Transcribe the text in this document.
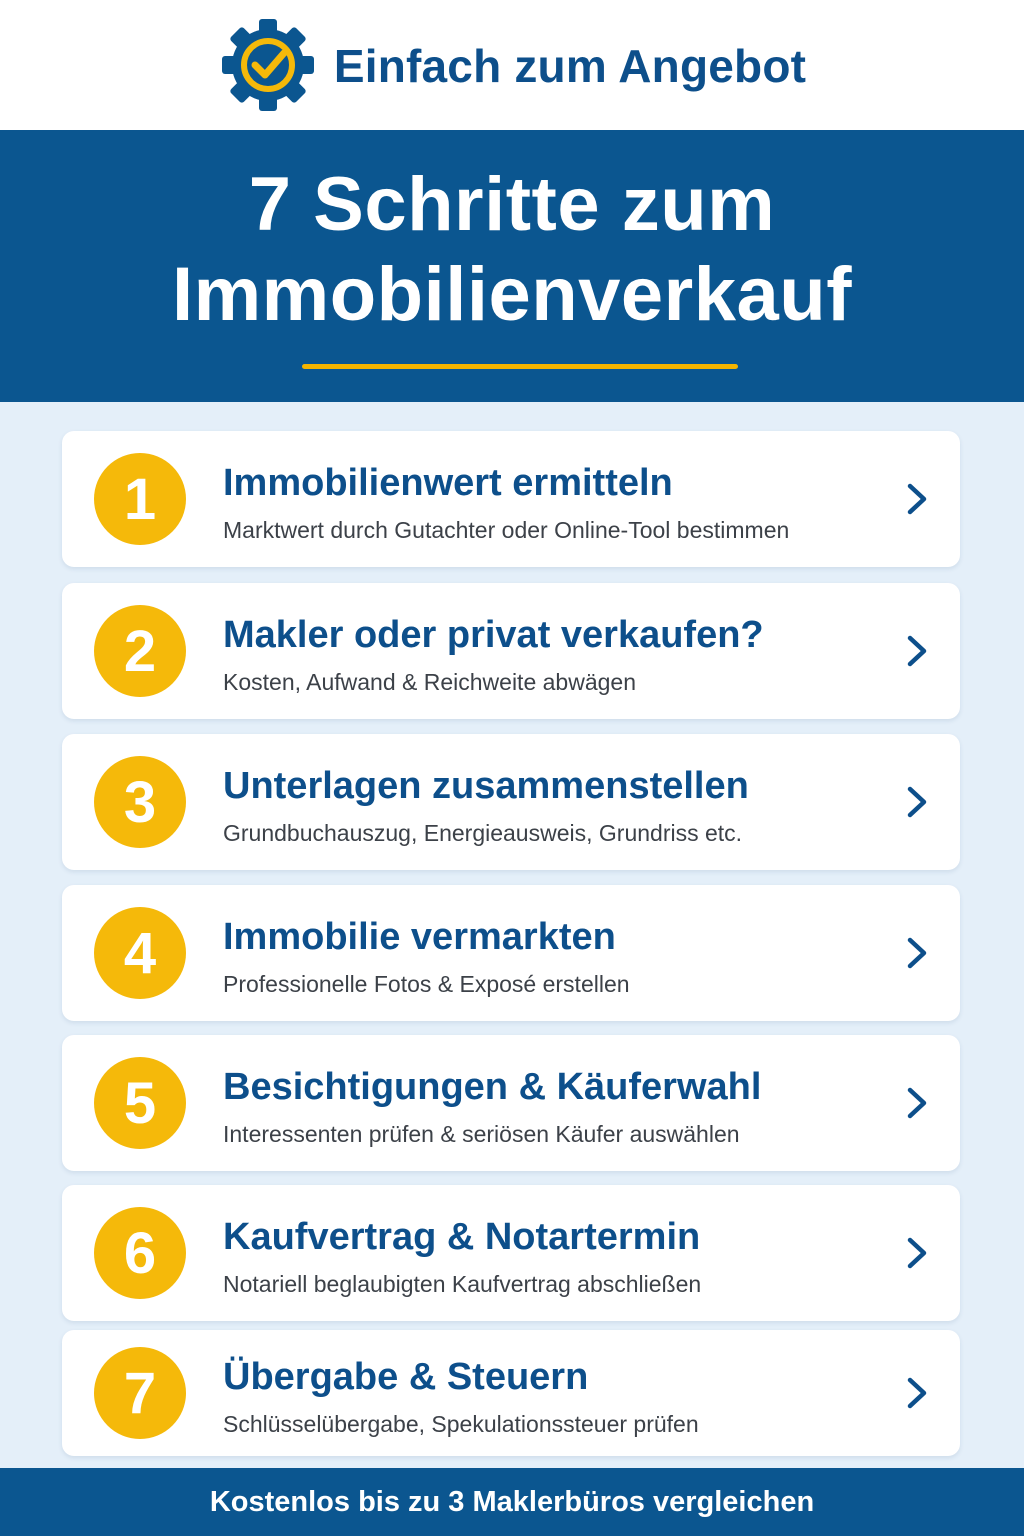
Einfach zum Angebot
7 Schritte zum
Immobilienverkauf
1	Immobilienwert ermitteln
Marktwert durch Gutachter oder Online-Tool bestimmen
2	Makler oder privat verkaufen?
Kosten, Aufwand & Reichweite abwägen
3	Unterlagen zusammenstellen
Grundbuchauszug, Energieausweis, Grundriss etc.
4	Immobilie vermarkten
Professionelle Fotos & Exposé erstellen
5	Besichtigungen & Käuferwahl
Interessenten prüfen & seriösen Käufer auswählen
6	Kaufvertrag & Notartermin
Notariell beglaubigten Kaufvertrag abschließen
7	Übergabe & Steuern
Schlüsselübergabe, Spekulationssteuer prüfen
Kostenlos bis zu 3 Maklerbüros vergleichen
